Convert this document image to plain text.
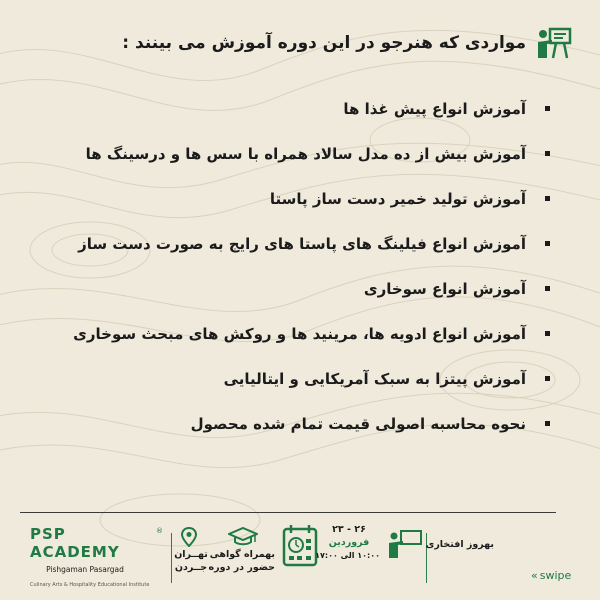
مواردی که هنرجو در این دوره آموزش می بینند :
آموزش انواع پیش غذا ها
آموزش بیش از ده مدل سالاد همراه با سس ها و درسینگ ها
آموزش تولید خمیر دست ساز پاستا
آموزش انواع فیلینگ های پاستا های رایج به صورت دست ساز
آموزش انواع سوخاری
آموزش انواع ادویه ها، مرینید ها و روکش های مبحث سوخاری
آموزش پیتزا به سبک آمریکایی و ایتالیایی
نحوه محاسبه اصولی قیمت تمام شده محصول
PSP ACADEMY
®
Pishgaman Pasargad
Culinary Arts & Hospitality Educational Institute
تهــران
جــردن
بهمراه گواهی
حضور در دوره
۲۶ - ۲۳
فروردین
۱۰:۰۰ الی ۱۷:۰۰
بهروز افتخاری
« swipe
